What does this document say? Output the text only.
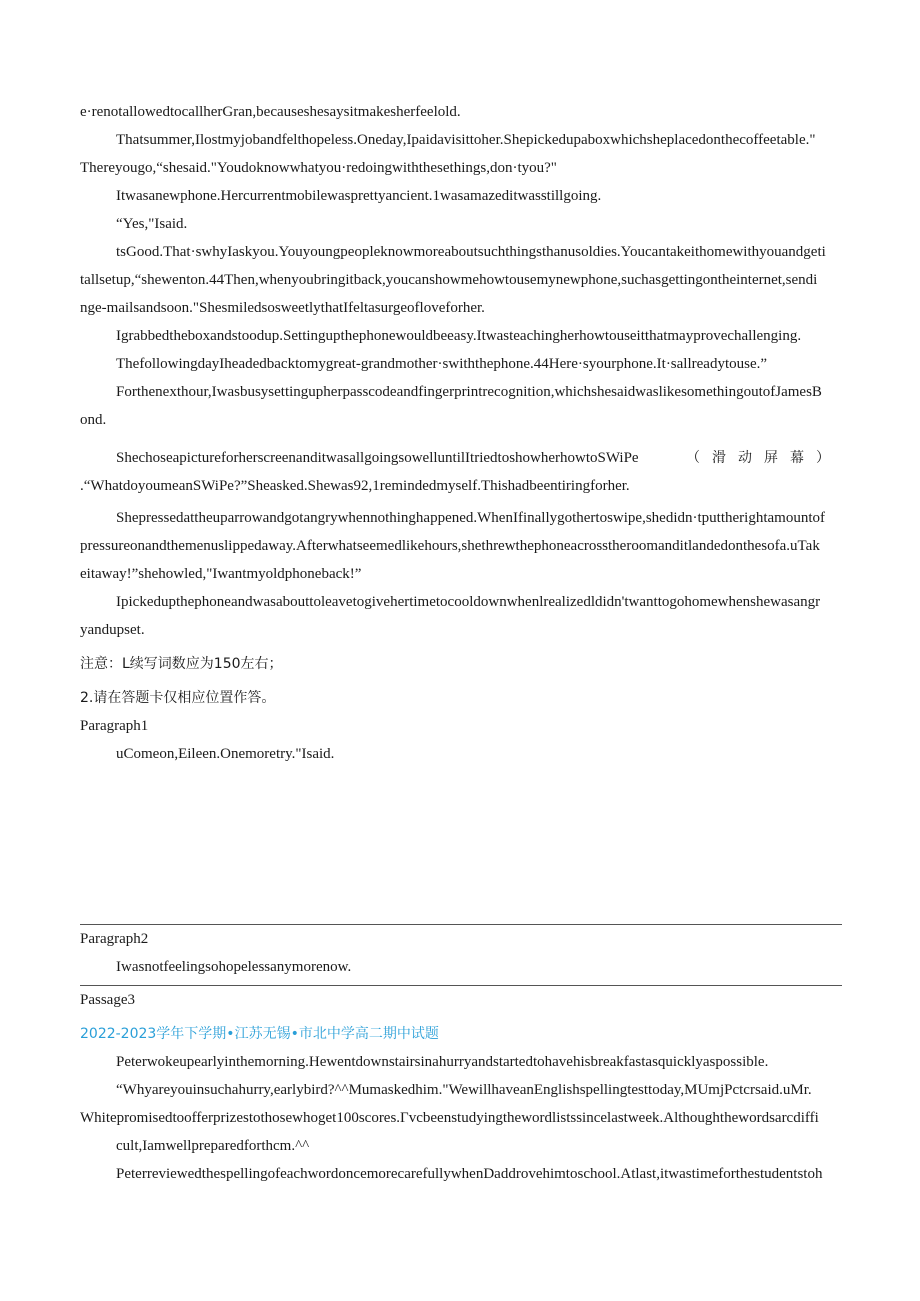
e·renotallowedtocallherGran,becauseshesaysitmakesherfeelold.

Thatsummer,Ilostmyjobandfelthopeless.Oneday,Ipaidavisittoher.Shepickedupaboxwhichsheplacedonthecoffeetable."

Thereyougo,“shesaid."Youdoknowwhatyou·redoingwiththesethings,don·tyou?"

Itwasanewphone.Hercurrentmobilewasprettyancient.1wasamazeditwasstillgoing.

“Yes,"Isaid.

tsGood.That·swhyIaskyou.Youyoungpeopleknowmoreaboutsuchthingsthanusoldies.Youcantakeithomewithyouandgeti

tallsetup,“shewenton.44Then,whenyoubringitback,youcanshowmehowtousemynewphone,suchasgettingontheinternet,sendi

nge-mailsandsoon."ShesmiledsosweetlythatIfeltasurgeofloveforher.

Igrabbedtheboxandstoodup.Settingupthephonewouldbeeasy.Itwasteachingherhowtouseitthatmayprovechallenging.

ThefollowingdayIheadedbacktomygreat-grandmother·swiththephone.44Here·syourphone.It·sallreadytouse.”

Forthenexthour,Iwasbusysettingupherpasscodeandfingerprintrecognition,whichshesaidwaslikesomethingoutofJamesB

ond.

ShechoseapictureforherscreenanditwasallgoingsowelluntilItriedtoshowherhowtoSWiPe	（滑动屏幕）

.“WhatdoyoumeanSWiPe?”Sheasked.Shewas92,1remindedmyself.Thishadbeentiringforher.

Shepressedattheuparrowandgotangrywhennothinghappened.WhenIfinallygothertoswipe,shedidn·tputtherightamountof

pressureonandthemenuslippedaway.Afterwhatseemedlikehours,shethrewthephoneacrosstheroomanditlandedonthesofa.uTak

eitaway!”shehowled,"Iwantmyoldphoneback!”

Ipickedupthephoneandwasabouttoleavetogivehertimetocooldownwhenlrealizedldidn'twanttogohomewhenshewasangr

yandupset.

注意：L续写词数应为150左右；

2.请在答题卡仅相应位置作答。

Paragraph1

uComeon,Eileen.Onemoretry."Isaid.

Paragraph2

Iwasnotfeelingsohopelessanymorenow.

Passage3

2022-2023学年下学期•江苏无锡•市北中学高二期中试题

Peterwokeupearlyinthemorning.Hewentdownstairsinahurryandstartedtohavehisbreakfastasquicklyaspossible.

“Whyareyouinsuchahurry,earlybird?^^Mumaskedhim."WewillhaveanEnglishspellingtesttoday,MUmjPctcrsaid.uMr.

Whitepromisedtoofferprizestothosewhoget100scores.Γvcbeenstudyingthewordlistssincelastweek.Althoughthewordsarcdiffi

cult,Iamwellpreparedforthcm.^^

PeterreviewedthespellingofeachwordoncemorecarefullywhenDaddrovehimtoschool.Atlast,itwastimeforthestudentstoh
